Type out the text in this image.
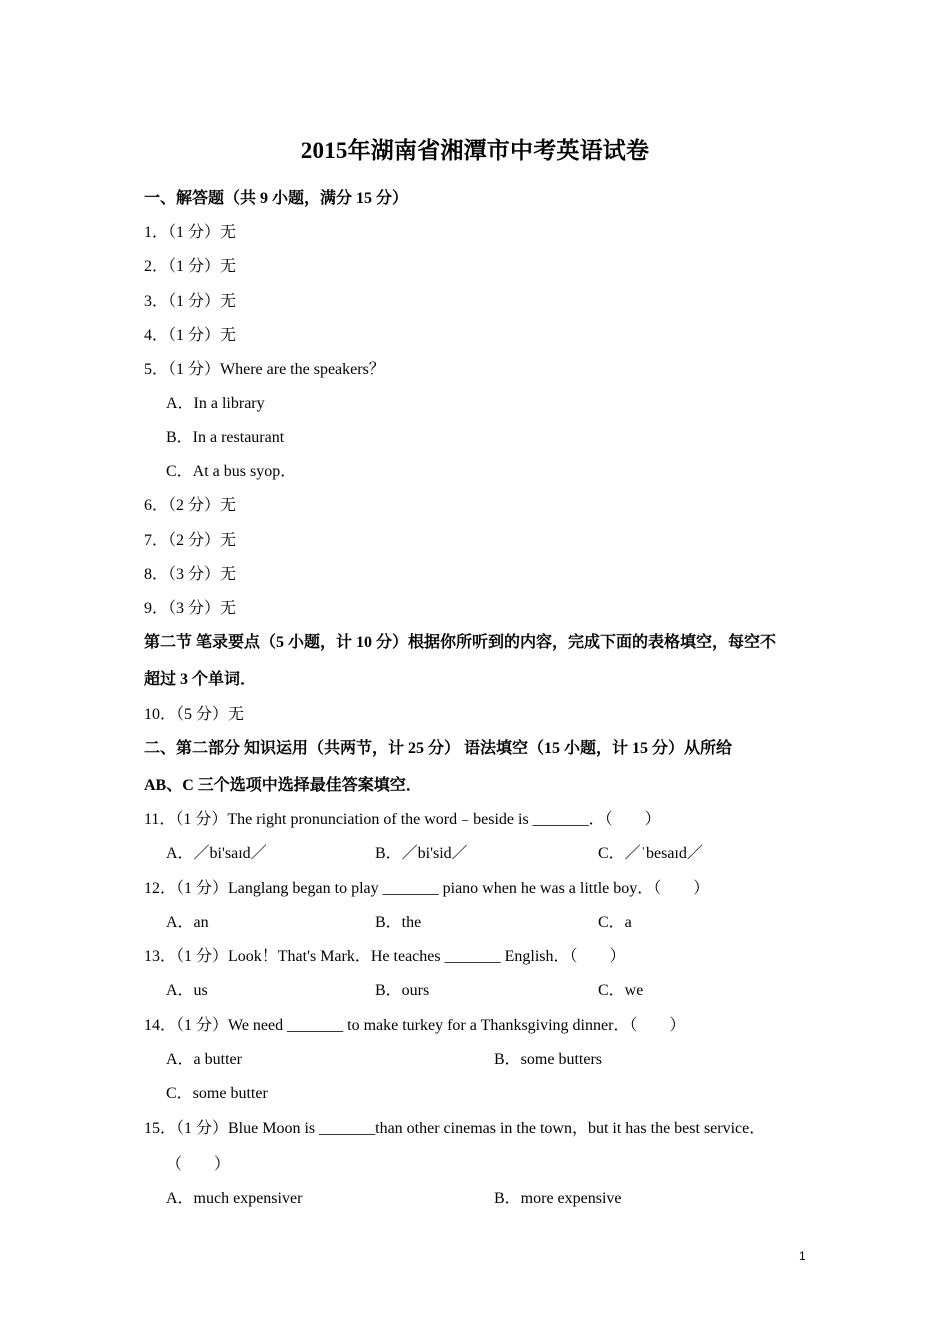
2015年湖南省湘潭市中考英语试卷
一、解答题（共 9 小题，满分 15 分）
1．（1 分）无
2．（1 分）无
3．（1 分）无
4．（1 分）无
5．（1 分）Where are the speakers？
A．In a library
B．In a restaurant
C．At a bus syop．
6．（2 分）无
7．（2 分）无
8．（3 分）无
9．（3 分）无
第二节 笔录要点（5 小题，计 10 分）根据你所听到的内容，完成下面的表格填空，每空不
超过 3 个单词．
10．（5 分）无
二、第二部分 知识运用（共两节，计 25 分） 语法填空（15 小题，计 15 分）从所给
AB、C 三个选项中选择最佳答案填空．
11．（1 分）The right pronunciation of the word﹣beside is _______．（　　）
A．／bi'saɪd／	B．／bi'sid／	C．／ˈbesaɪd／
12．（1 分）Langlang began to play _______ piano when he was a little boy．（　　）
A．an	B．the	C．a
13．（1 分）Look！That's Mark．He teaches _______ English．（　　）
A．us	B．ours	C．we
14．（1 分）We need _______ to make turkey for a Thanksgiving dinner．（　　）
A．a butter	B．some butters
C．some butter
15．（1 分）Blue Moon is _______than other cinemas in the town，but it has the best service．
（　　）
A．much expensiver	B．more expensive
1
